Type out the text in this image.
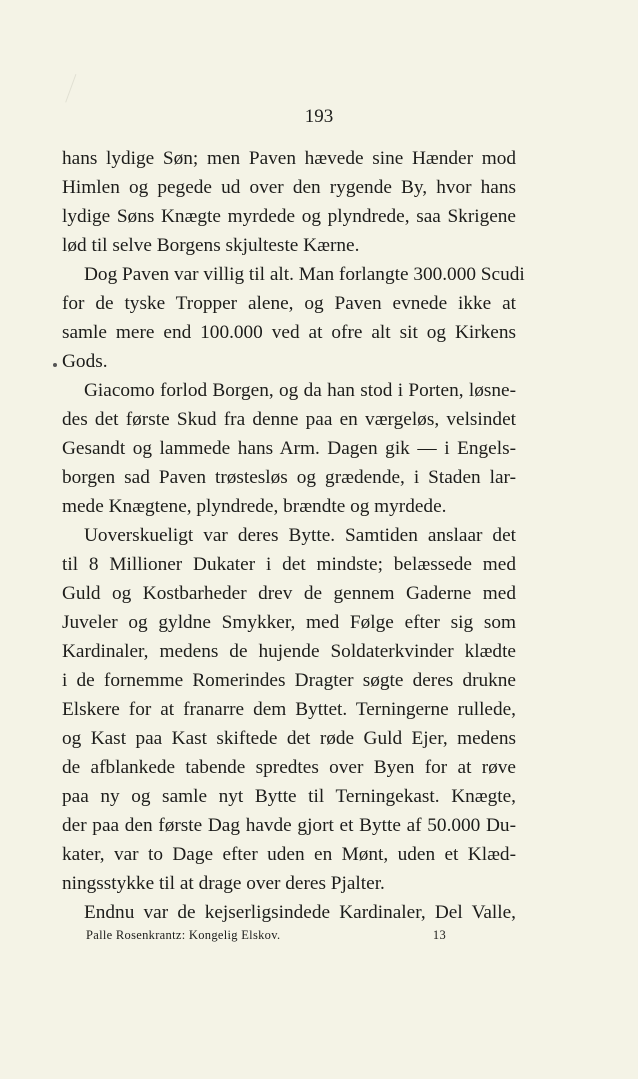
193
hans lydige Søn; men Paven hævede sine Hænder mod
Himlen og pegede ud over den rygende By, hvor hans
lydige Søns Knægte myrdede og plyndrede, saa Skrigene
lød til selve Borgens skjulteste Kærne.
Dog Paven var villig til alt. Man forlangte 300.000 Scudi
for de tyske Tropper alene, og Paven evnede ikke at
samle mere end 100.000 ved at ofre alt sit og Kirkens
Gods.
Giacomo forlod Borgen, og da han stod i Porten, løsne-
des det første Skud fra denne paa en værgeløs, velsindet
Gesandt og lammede hans Arm. Dagen gik — i Engels-
borgen sad Paven trøstesløs og grædende, i Staden lar-
mede Knægtene, plyndrede, brændte og myrdede.
Uoverskueligt var deres Bytte. Samtiden anslaar det
til 8 Millioner Dukater i det mindste; belæssede med
Guld og Kostbarheder drev de gennem Gaderne med
Juveler og gyldne Smykker, med Følge efter sig som
Kardinaler, medens de hujende Soldaterkvinder klædte
i de fornemme Romerindes Dragter søgte deres drukne
Elskere for at franarre dem Byttet. Terningerne rullede,
og Kast paa Kast skiftede det røde Guld Ejer, medens
de afblankede tabende spredtes over Byen for at røve
paa ny og samle nyt Bytte til Terningekast. Knægte,
der paa den første Dag havde gjort et Bytte af 50.000 Du-
kater, var to Dage efter uden en Mønt, uden et Klæd-
ningsstykke til at drage over deres Pjalter.
Endnu var de kejserligsindede Kardinaler, Del Valle,
Palle Rosenkrantz: Kongelig Elskov.	13
